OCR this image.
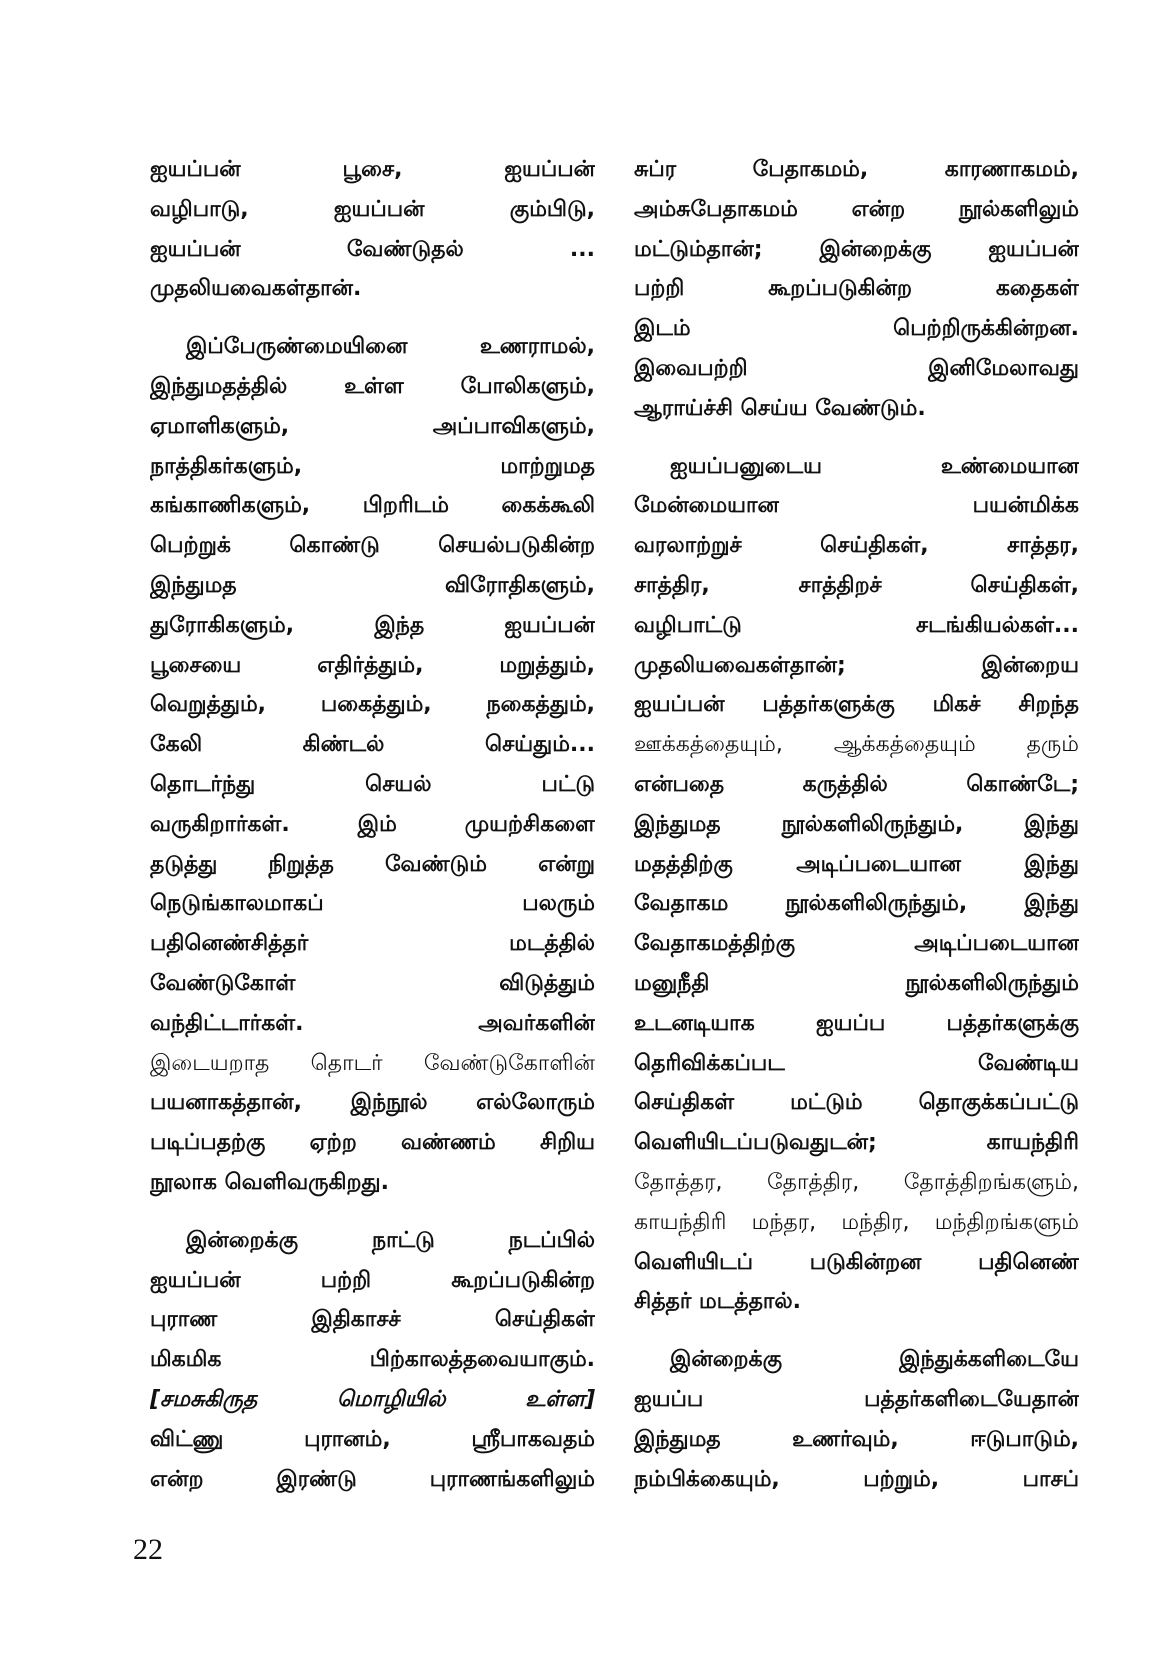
ஐயப்பன் பூசை, ஐயப்பன்
வழிபாடு, ஐயப்பன் கும்பிடு,
ஐயப்பன் வேண்டுதல் ...
முதலியவைகள்தான்.
இப்பேருண்மையினை உணராமல்,
இந்துமதத்தில் உள்ள போலிகளும்,
ஏமாளிகளும், அப்பாவிகளும்,
நாத்திகர்களும், மாற்றுமத
கங்காணிகளும், பிறரிடம் கைக்கூலி
பெற்றுக் கொண்டு செயல்படுகின்ற
இந்துமத விரோதிகளும்,
துரோகிகளும், இந்த ஐயப்பன்
பூசையை எதிர்த்தும், மறுத்தும்,
வெறுத்தும், பகைத்தும், நகைத்தும்,
கேலி கிண்டல் செய்தும்...
தொடர்ந்து செயல் பட்டு
வருகிறார்கள். இம் முயற்சிகளை
தடுத்து நிறுத்த வேண்டும் என்று
நெடுங்காலமாகப் பலரும்
பதினெண்சித்தர் மடத்தில்
வேண்டுகோள் விடுத்தும்
வந்திட்டார்கள். அவர்களின்
இடையறாத தொடர் வேண்டுகோளின்
பயனாகத்தான், இந்நூல் எல்லோரும்
படிப்பதற்கு ஏற்ற வண்ணம் சிறிய
நூலாக வெளிவருகிறது.
இன்றைக்கு நாட்டு நடப்பில்
ஐயப்பன் பற்றி கூறப்படுகின்ற
புராண இதிகாசச் செய்திகள்
மிகமிக பிற்காலத்தவையாகும்.
[சமசுகிருத மொழியில் உள்ள]
விட்ணு புரானம், ஸ்ரீபாகவதம்
என்ற இரண்டு புராணங்களிலும்
சுப்ர பேதாகமம், காரணாகமம்,
அம்சுபேதாகமம் என்ற நூல்களிலும்
மட்டும்தான்; இன்றைக்கு ஐயப்பன்
பற்றி கூறப்படுகின்ற கதைகள்
இடம் பெற்றிருக்கின்றன.
இவைபற்றி இனிமேலாவது
ஆராய்ச்சி செய்ய வேண்டும்.
ஐயப்பனுடைய உண்மையான
மேன்மையான பயன்மிக்க
வரலாற்றுச் செய்திகள், சாத்தர,
சாத்திர, சாத்திறச் செய்திகள்,
வழிபாட்டு சடங்கியல்கள்...
முதலியவைகள்தான்; இன்றைய
ஐயப்பன் பத்தர்களுக்கு மிகச் சிறந்த
ஊக்கத்தையும், ஆக்கத்தையும் தரும்
என்பதை கருத்தில் கொண்டே;
இந்துமத நூல்களிலிருந்தும், இந்து
மதத்திற்கு அடிப்படையான இந்து
வேதாகம நூல்களிலிருந்தும், இந்து
வேதாகமத்திற்கு அடிப்படையான
மனுநீதி நூல்களிலிருந்தும்
உடனடியாக ஐயப்ப பத்தர்களுக்கு
தெரிவிக்கப்பட வேண்டிய
செய்திகள் மட்டும் தொகுக்கப்பட்டு
வெளியிடப்படுவதுடன்; காயந்திரி
தோத்தர, தோத்திர, தோத்திறங்களும்,
காயந்திரி மந்தர, மந்திர, மந்திறங்களும்
வெளியிடப் படுகின்றன பதினெண்
சித்தர் மடத்தால்.
இன்றைக்கு இந்துக்களிடையே
ஐயப்ப பத்தர்களிடையேதான்
இந்துமத உணர்வும், ஈடுபாடும்,
நம்பிக்கையும், பற்றும், பாசப்
22
